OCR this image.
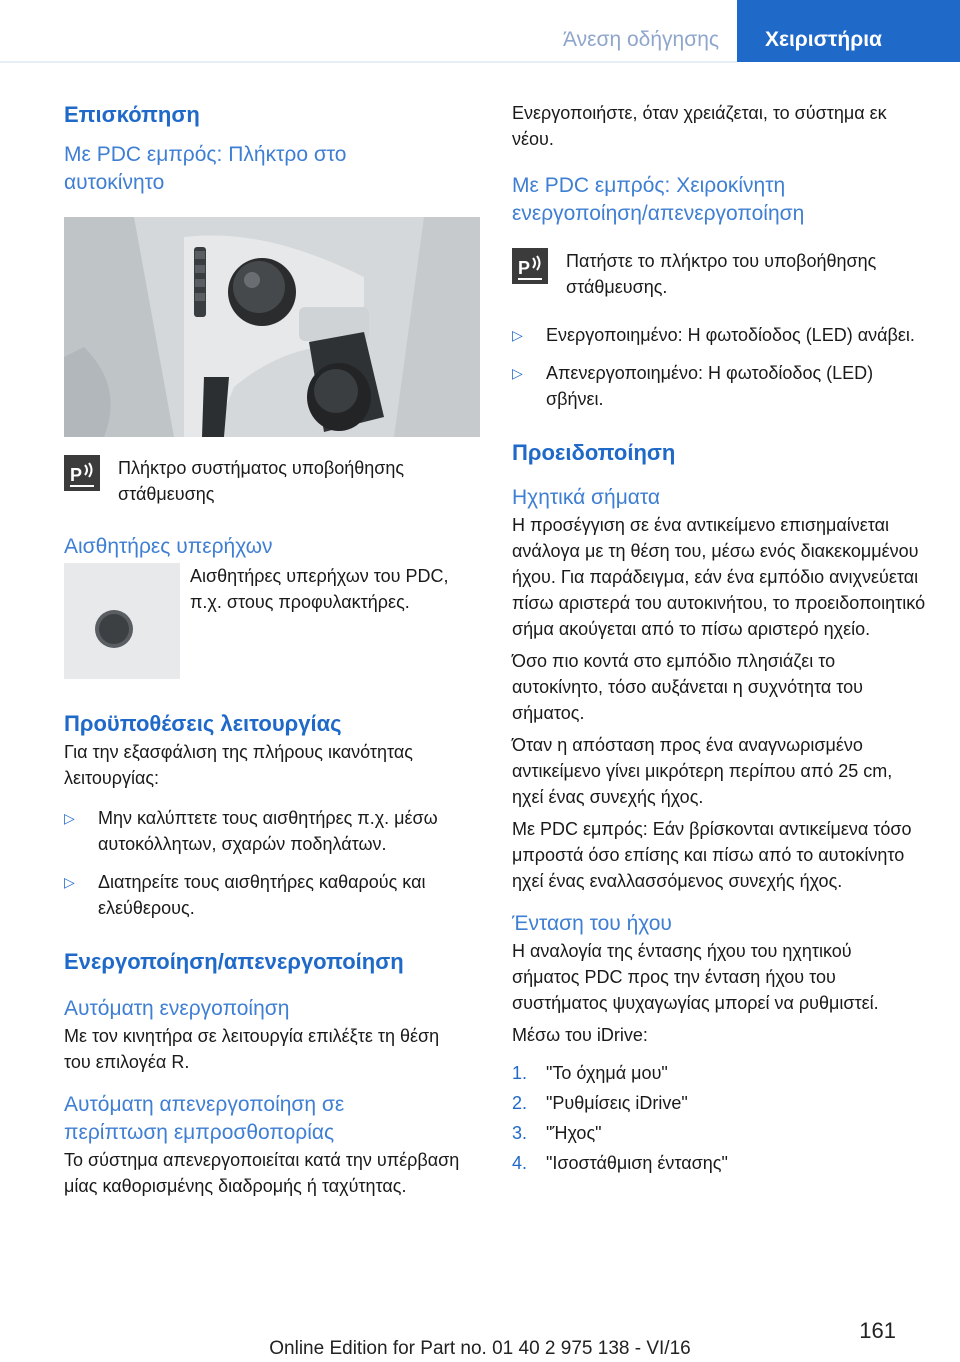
Άνεση οδήγησης Χειριστήρια
Επισκόπηση
Με PDC εμπρός: Πλήκτρο στο αυτοκίνητο
P Πλήκτρο συστήματος υποβοήθησης στάθμευσης

Αισθητήρες υπερήχων

Αισθητήρες υπερήχων του PDC, π.χ. στους προφυλακτήρες.

Προϋποθέσεις λειτουργίας

Για την εξασφάλιση της πλήρους ικανότητας λειτουργίας:

▷	Μην καλύπτετε τους αισθητήρες π.χ. μέσω αυτοκόλλητων, σχαρών ποδηλάτων.

▷	Διατηρείτε τους αισθητήρες καθαρούς και ελεύθερους.

Ενεργοποίηση/απενεργοποίηση
Αυτόματη ενεργοποίηση

Με τον κινητήρα σε λειτουργία επιλέξτε τη θέση του επιλογέα R.

Αυτόματη απενεργοποίηση σε περίπτωση εμπροσθοπορίας

Το σύστημα απενεργοποιείται κατά την υπέρβαση μίας καθορισμένης διαδρομής ή ταχύτητας.

Ενεργοποιήστε, όταν χρειάζεται, το σύστημα εκ νέου.

Με PDC εμπρός: Χειροκίνητη ενεργοποίηση/απενεργοποίηση
P Πατήστε το πλήκτρο του υποβοήθησης στάθμευσης.

▷	Ενεργοποιημένο: Η φωτοδίοδος (LED) ανάβει.

▷	Απενεργοποιημένο: Η φωτοδίοδος (LED) σβήνει.

Προειδοποίηση
Ηχητικά σήματα

Η προσέγγιση σε ένα αντικείμενο επισημαίνεται ανάλογα με τη θέση του, μέσω ενός διακεκομμένου ήχου. Για παράδειγμα, εάν ένα εμπόδιο ανιχνεύεται πίσω αριστερά του αυτοκινήτου, το προειδοποιητικό σήμα ακούγεται από το πίσω αριστερό ηχείο.

Όσο πιο κοντά στο εμπόδιο πλησιάζει το αυτοκίνητο, τόσο αυξάνεται η συχνότητα του σήματος.

Όταν η απόσταση προς ένα αναγνωρισμένο αντικείμενο γίνει μικρότερη περίπου από 25 cm, ηχεί ένας συνεχής ήχος.

Με PDC εμπρός: Εάν βρίσκονται αντικείμενα τόσο μπροστά όσο επίσης και πίσω από το αυτοκίνητο ηχεί ένας εναλλασσόμενος συνεχής ήχος.

Ένταση του ήχου

Η αναλογία της έντασης ήχου του ηχητικού σήματος PDC προς την ένταση ήχου του συστήματος ψυχαγωγίας μπορεί να ρυθμιστεί.

Μέσω του iDrive:

1.	"Το όχημά μου"

2.	"Ρυθμίσεις iDrive"

3.	"Ήχος"

4.	"Ισοστάθμιση έντασης"

161
Online Edition for Part no. 01 40 2 975 138 - VI/16
